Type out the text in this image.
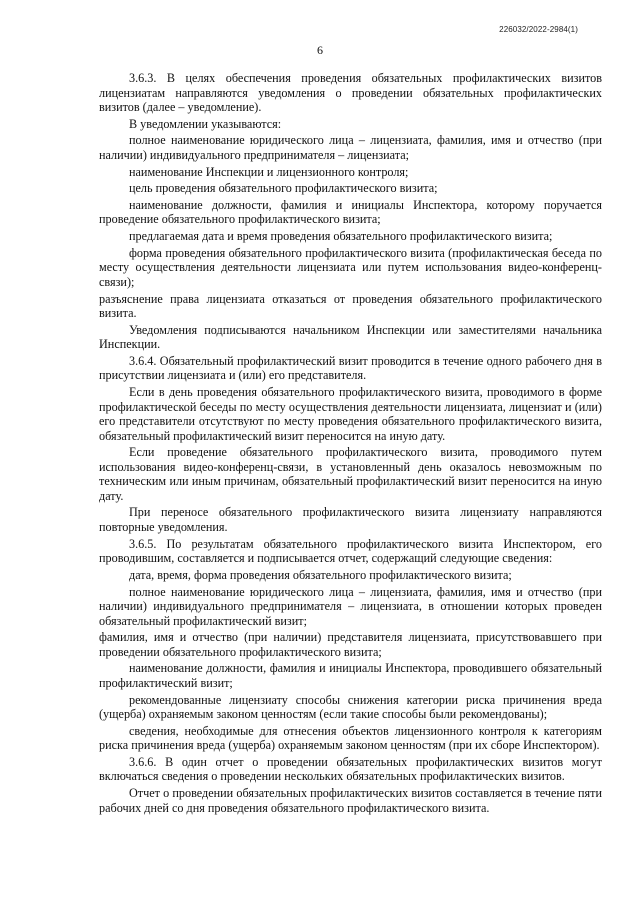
226032/2022-2984(1)
6

3.6.3. В целях обеспечения проведения обязательных профилактических визитов лицензиатам направляются уведомления о проведении обязательных профилактических визитов (далее – уведомление).

В уведомлении указываются:

полное наименование юридического лица – лицензиата, фамилия, имя и отчество (при наличии) индивидуального предпринимателя – лицензиата;

наименование Инспекции и лицензионного контроля;

цель проведения обязательного профилактического визита;

наименование должности, фамилия и инициалы Инспектора, которому поручается проведение обязательного профилактического визита;

предлагаемая дата и время проведения обязательного профилактического визита;

форма проведения обязательного профилактического визита (профилактическая беседа по месту осуществления деятельности лицензиата или путем использования видео-конференц-связи);

разъяснение права лицензиата отказаться от проведения обязательного профилактического визита.

Уведомления подписываются начальником Инспекции или заместителями начальника Инспекции.

3.6.4. Обязательный профилактический визит проводится в течение одного рабочего дня в присутствии лицензиата и (или) его представителя.

Если в день проведения обязательного профилактического визита, проводимого в форме профилактической беседы по месту осуществления деятельности лицензиата, лицензиат и (или) его представители отсутствуют по месту проведения обязательного профилактического визита, обязательный профилактический визит переносится на иную дату.

Если проведение обязательного профилактического визита, проводимого путем использования видео-конференц-связи, в установленный день оказалось невозможным по техническим или иным причинам, обязательный профилактический визит переносится на иную дату.

При переносе обязательного профилактического визита лицензиату направляются повторные уведомления.

3.6.5. По результатам обязательного профилактического визита Инспектором, его проводившим, составляется и подписывается отчет, содержащий следующие сведения:

дата, время, форма проведения обязательного профилактического визита;

полное наименование юридического лица – лицензиата, фамилия, имя и отчество (при наличии) индивидуального предпринимателя – лицензиата, в отношении которых проведен обязательный профилактический визит;

фамилия, имя и отчество (при наличии) представителя лицензиата, присутствовавшего при проведении обязательного профилактического визита;

наименование должности, фамилия и инициалы Инспектора, проводившего обязательный профилактический визит;

рекомендованные лицензиату способы снижения категории риска причинения вреда (ущерба) охраняемым законом ценностям (если такие способы были рекомендованы);

сведения, необходимые для отнесения объектов лицензионного контроля к категориям риска причинения вреда (ущерба) охраняемым законом ценностям (при их сборе Инспектором).

3.6.6. В один отчет о проведении обязательных профилактических визитов могут включаться сведения о проведении нескольких обязательных профилактических визитов.

Отчет о проведении обязательных профилактических визитов составляется в течение пяти рабочих дней со дня проведения обязательного профилактического визита.
